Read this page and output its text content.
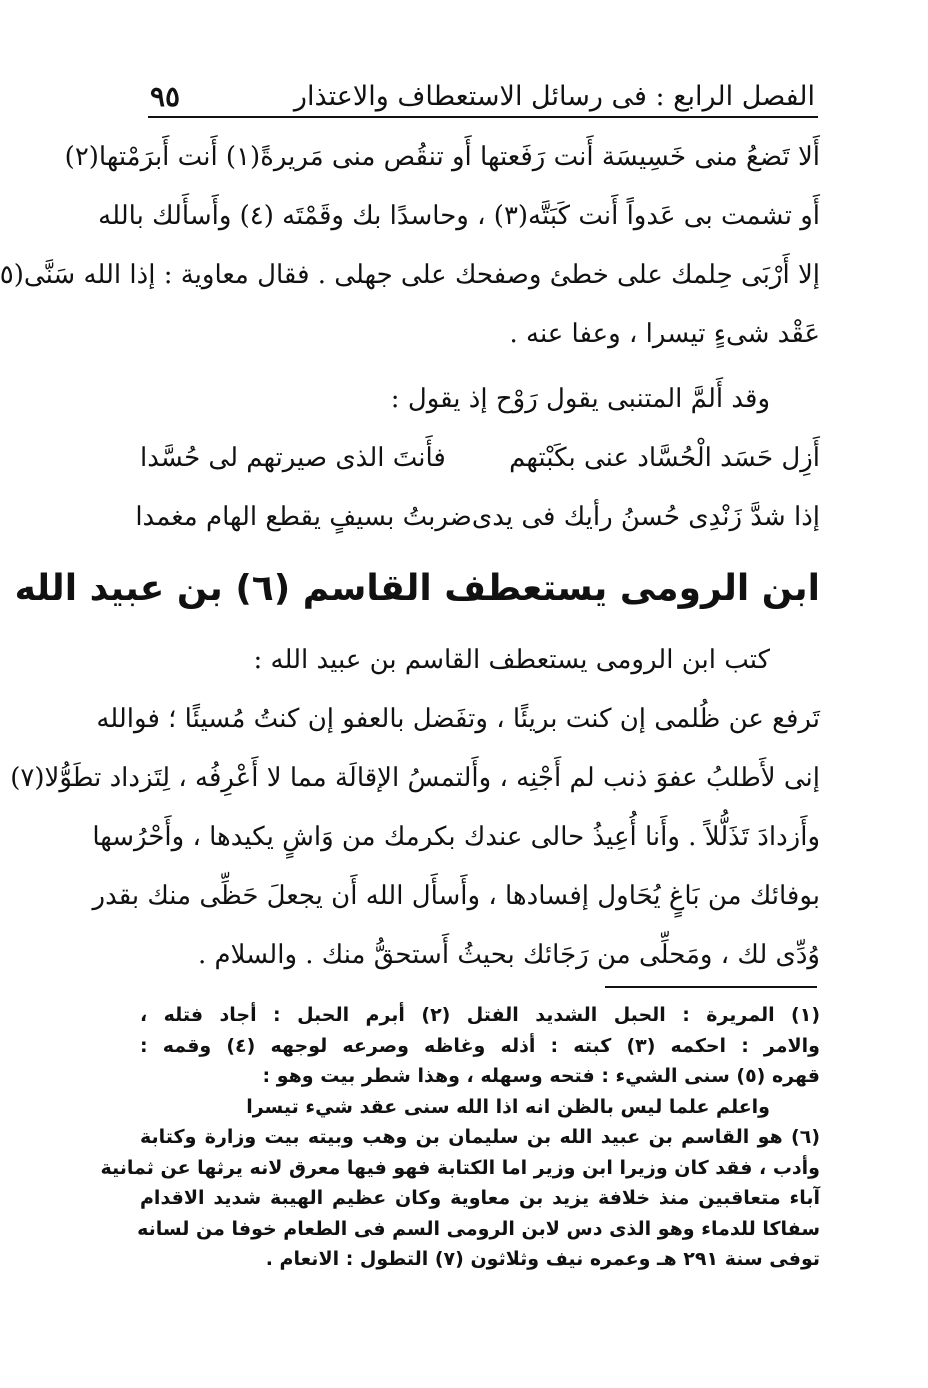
الفصل الرابع : فى رسائل الاستعطاف والاعتذار
٩٥
أَلا تَضعُ منى خَسِيسَة أَنت رَفَعتها أَو تنقُص منى مَريرةً(١) أَنت أَبرَمْتها(٢)
أَو تشمت بى عَدواً أَنت كَبَتَّه(٣) ، وحاسدًا بك وقَمْتَه (٤) وأَسأَلك بالله
إلا أَرْبَى حِلمك على خطئ وصفحك على جهلى . فقال معاوية : إذا الله سَنَّى(٥
عَقْد شىءٍ تيسرا ، وعفا عنه .
وقد أَلمَّ المتنبى يقول رَوْح إذ يقول :
أَزِل حَسَد الْحُسَّاد عنى بكَبْتهم
فأَنتَ الذى صيرتهم لى حُسَّدا
إذا شدَّ زَنْدِى حُسنُ رأيك فى يدى
ضربتُ بسيفٍ يقطع الهام مغمدا
ابن الرومى يستعطف القاسم (٦) بن عبيد الله
كتب ابن الرومى يستعطف القاسم بن عبيد الله :
تَرفع عن ظُلمى إن كنت بريئًا ، وتفَضل بالعفو إن كنتُ مُسيئًا ؛ فوالله
إنى لأَطلبُ عفوَ ذنب لم أَجْنِه ، وأَلتمسُ الإقالَة مما لا أَعْرِفُه ، لِتَزداد تطَوُّلا(٧)
وأَزدادَ تَذَلُّلاً . وأَنا أُعِيذُ حالى عندك بكرمك من وَاشٍ يكيدها ، وأَحْرُسها
بوفائك من بَاغٍ يُحَاول إفسادها ، وأَسأَل الله أَن يجعلَ حَظِّى منك بقدر
وُدِّى لك ، ومَحلِّى من رَجَائك بحيثُ أَستحقُّ منك . والسلام .
(١) المريرة : الحبل الشديد الفتل (٢) أبرم الحبل : أجاد فتله ،
والامر : احكمه (٣) كبته : أذله وغاظه وصرعه لوجهه (٤) وقمه :
قهره (٥) سنى الشيء : فتحه وسهله ، وهذا شطر بيت وهو :
واعلم علما ليس بالظن انه اذا الله سنى عقد شيء تيسرا
(٦) هو القاسم بن عبيد الله بن سليمان بن وهب وبيته بيت وزارة وكتابة
وأدب ، فقد كان وزيرا ابن وزير اما الكتابة فهو فيها معرق لانه يرثها عن ثمانية
آباء متعاقبين منذ خلافة يزيد بن معاوية وكان عظيم الهيبة شديد الاقدام
سفاكا للدماء وهو الذى دس لابن الرومى السم فى الطعام خوفا من لسانه
توفى سنة ٢٩١ هـ وعمره نيف وثلاثون (٧) التطول : الانعام .
